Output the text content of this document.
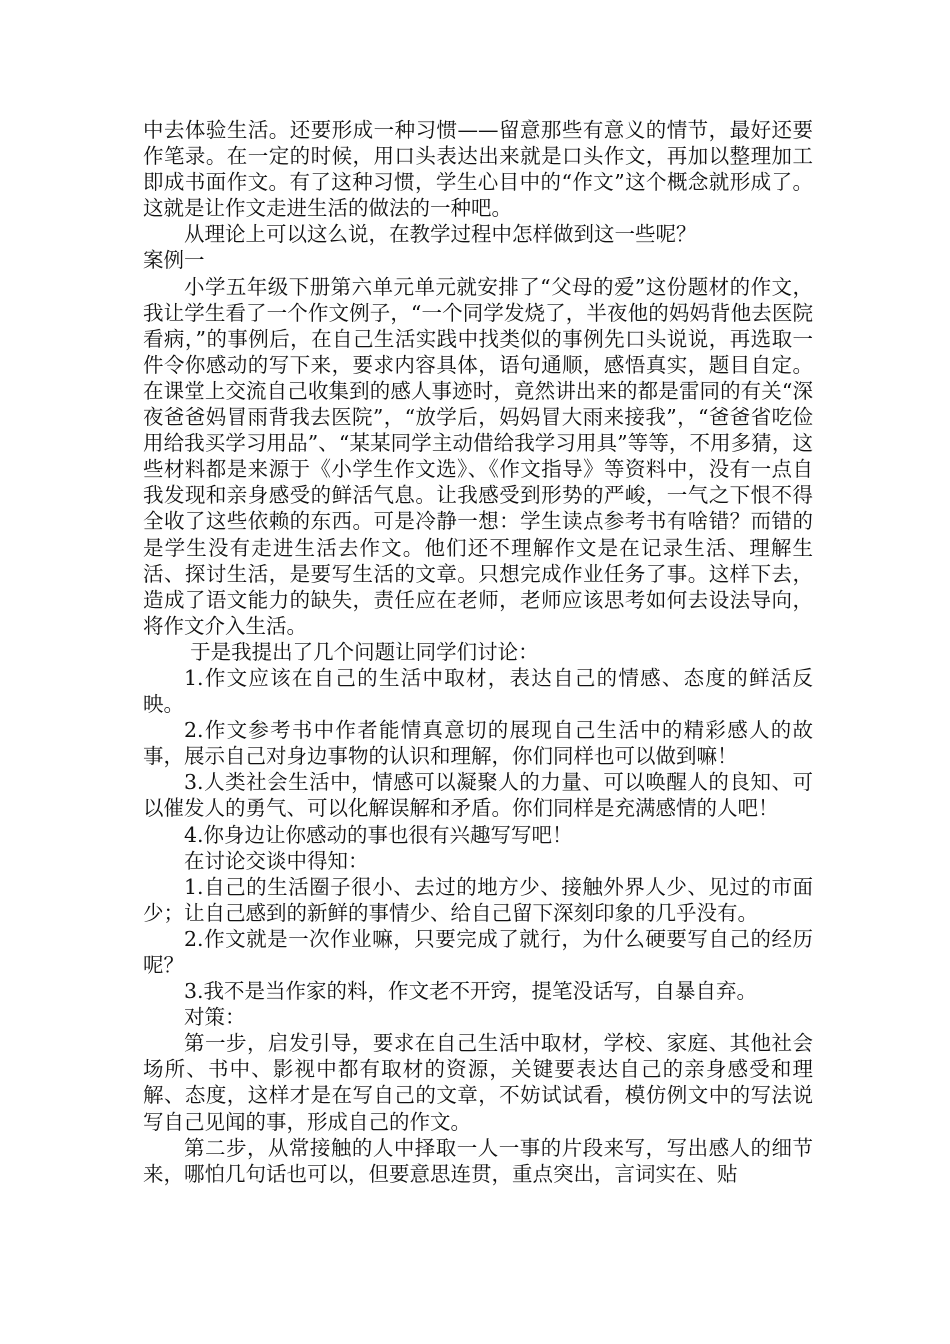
中去体验生活。还要形成一种习惯——留意那些有意义的情节，最好还要作笔录。在一定的时候，用口头表达出来就是口头作文，再加以整理加工即成书面作文。有了这种习惯，学生心目中的“作文”这个概念就形成了。这就是让作文走进生活的做法的一种吧。

从理论上可以这么说，在教学过程中怎样做到这一些呢？

案例一

小学五年级下册第六单元单元就安排了“父母的爱”这份题材的作文，我让学生看了一个作文例子，“一个同学发烧了，半夜他的妈妈背他去医院看病，”的事例后，在自己生活实践中找类似的事例先口头说说，再选取一件令你感动的写下来，要求内容具体，语句通顺，感悟真实，题目自定。在课堂上交流自己收集到的感人事迹时，竟然讲出来的都是雷同的有关“深夜爸爸妈冒雨背我去医院”，“放学后，妈妈冒大雨来接我”，“爸爸省吃俭用给我买学习用品”、“某某同学主动借给我学习用具”等等，不用多猜，这些材料都是来源于《小学生作文选》、《作文指导》等资料中，没有一点自我发现和亲身感受的鲜活气息。让我感受到形势的严峻，一气之下恨不得全收了这些依赖的东西。可是冷静一想：学生读点参考书有啥错？而错的是学生没有走进生活去作文。他们还不理解作文是在记录生活、理解生活、探讨生活，是要写生活的文章。只想完成作业任务了事。这样下去，造成了语文能力的缺失，责任应在老师，老师应该思考如何去设法导向，将作文介入生活。

于是我提出了几个问题让同学们讨论：

1.作文应该在自己的生活中取材，表达自己的情感、态度的鲜活反映。

2.作文参考书中作者能情真意切的展现自己生活中的精彩感人的故事，展示自己对身边事物的认识和理解，你们同样也可以做到嘛！

3.人类社会生活中，情感可以凝聚人的力量、可以唤醒人的良知、可以催发人的勇气、可以化解误解和矛盾。你们同样是充满感情的人吧！

4.你身边让你感动的事也很有兴趣写写吧！

在讨论交谈中得知：

1.自己的生活圈子很小、去过的地方少、接触外界人少、见过的市面少；让自己感到的新鲜的事情少、给自己留下深刻印象的几乎没有。

2.作文就是一次作业嘛，只要完成了就行，为什么硬要写自己的经历呢？

3.我不是当作家的料，作文老不开窍，提笔没话写，自暴自弃。

对策：

第一步，启发引导，要求在自己生活中取材，学校、家庭、其他社会场所、书中、影视中都有取材的资源，关键要表达自己的亲身感受和理解、态度，这样才是在写自己的文章，不妨试试看，模仿例文中的写法说写自己见闻的事，形成自己的作文。

第二步，从常接触的人中择取一人一事的片段来写，写出感人的细节来，哪怕几句话也可以，但要意思连贯，重点突出，言词实在、贴
